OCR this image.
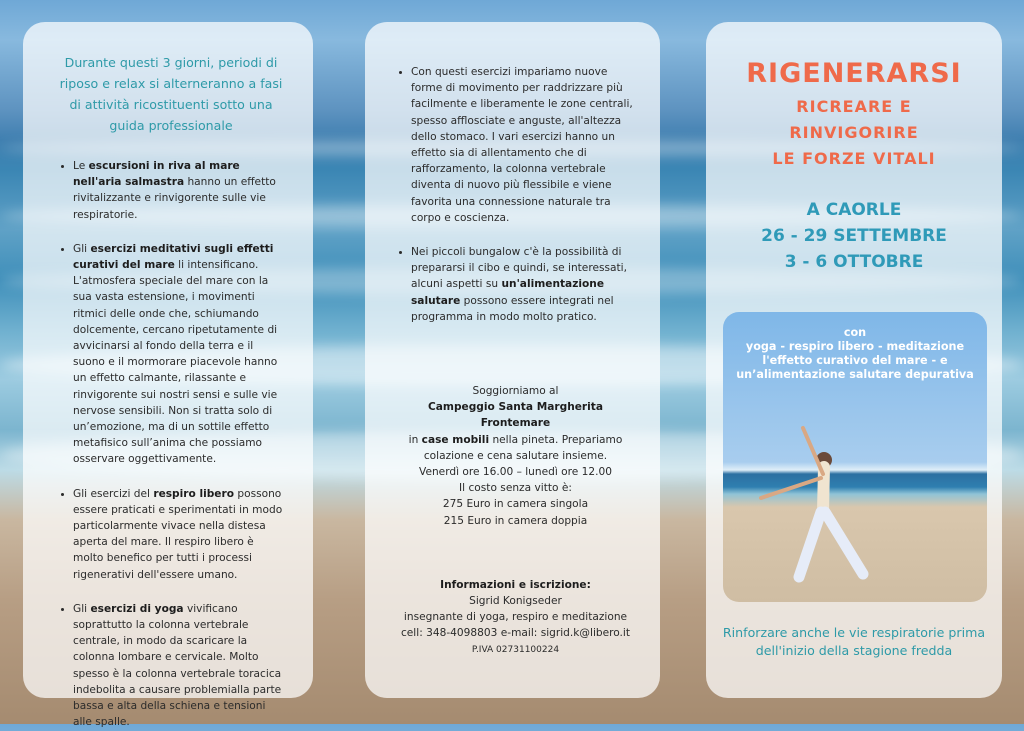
Durante questi 3 giorni, periodi di riposo e relax si alterneranno a fasi di attività ricostituenti sotto una guida professionale

• Le escursioni in riva al mare nell'aria salmastra hanno un effetto rivitalizzante e rinvigorente sulle vie respiratorie.
• Gli esercizi meditativi sugli effetti curativi del mare li intensificano. L'atmosfera speciale del mare con la sua vasta estensione, i movimenti ritmici delle onde che, schiumando dolcemente, cercano ripetutamente di avvicinarsi al fondo della terra e il suono e il mormorare piacevole hanno un effetto calmante, rilassante e rinvigorente sui nostri sensi e sulle vie nervose sensibili. Non si tratta solo di un’emozione, ma di un sottile effetto metafisico sull’anima che possiamo osservare oggettivamente.
• Gli esercizi del respiro libero possono essere praticati e sperimentati in modo particolarmente vivace nella distesa aperta del mare. Il respiro libero è molto benefico per tutti i processi rigenerativi dell'essere umano.
• Gli esercizi di yoga vivificano soprattutto la colonna vertebrale centrale, in modo da scaricare la colonna lombare e cervicale. Molto spesso è la colonna vertebrale toracica indebolita a causare problemialla parte bassa e alta della schiena e tensioni alle spalle.
• Con questi esercizi impariamo nuove forme di movimento per raddrizzare più facilmente e liberamente le zone centrali, spesso afflosciate e anguste, all'altezza dello stomaco. I vari esercizi hanno un effetto sia di allentamento che di rafforzamento, la colonna vertebrale diventa di nuovo più flessibile e viene favorita una connessione naturale tra corpo e coscienza.
• Nei piccoli bungalow c'è la possibilità di prepararsi il cibo e quindi, se interessati, alcuni aspetti su un'alimentazione salutare possono essere integrati nel programma in modo molto pratico.
Soggiorniamo al
Campeggio Santa Margherita Frontemare
in case mobili nella pineta. Prepariamo colazione e cena salutare insieme.
Venerdì ore 16.00 – lunedì ore 12.00
Il costo senza vitto è:
275 Euro in camera singola
215 Euro in camera doppia
Informazioni e iscrizione:
Sigrid Konigseder
insegnante di yoga, respiro e meditazione
cell: 348-4098803 e-mail: sigrid.k@libero.it
P.IVA 02731100224
RIGENERARSI
RICREARE E
RINVIGORIRE
LE FORZE VITALI
A CAORLE
26 - 29 SETTEMBRE
3 - 6 OTTOBRE
Rinforzare anche le vie respiratorie prima dell'inizio della stagione fredda
con
yoga - respiro libero - meditazione
l'effetto curativo del mare - e un’alimentazione salutare depurativa
